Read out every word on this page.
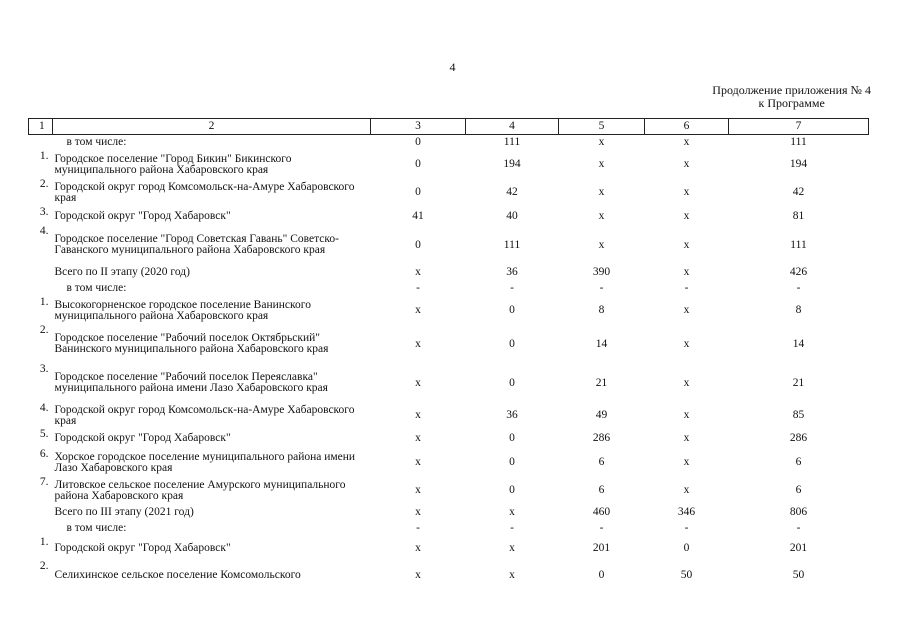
4
Продолжение приложения № 4
к Программе
1	2	3	4	5	6	7
	в том числе:	0	111	х	х	111
1.	Городское поселение "Город Бикин" Бикинского муниципального района Хабаровского края	0	194	х	х	194
2.	Городской округ город Комсомольск-на-Амуре Хабаровского края	0	42	х	х	42
3.	Городской округ "Город Хабаровск"	41	40	х	х	81
4.	Городское поселение "Город Советская Гавань" Советско-Гаванского муниципального района Хабаровского края	0	111	х	х	111
	Всего по II этапу (2020 год)	х	36	390	х	426
	в том числе:	-	-	-	-	-
1.	Высокогорненское городское поселение Ванинского муниципального района Хабаровского края	х	0	8	х	8
2.	Городское поселение "Рабочий поселок Октябрьский" Ванинского муниципального района Хабаровского края	х	0	14	х	14
3.	Городское поселение "Рабочий поселок Переяславка" муниципального района имени Лазо Хабаровского края	х	0	21	х	21
4.	Городской округ город Комсомольск-на-Амуре Хабаровского края	х	36	49	х	85
5.	Городской округ "Город Хабаровск"	х	0	286	х	286
6.	Хорское городское поселение муниципального района имени Лазо Хабаровского края	х	0	6	х	6
7.	Литовское сельское поселение Амурского муниципального района Хабаровского края	х	0	6	х	6
	Всего по III этапу (2021 год)	х	х	460	346	806
	в том числе:	-	-	-	-	-
1.	Городской округ "Город Хабаровск"	х	х	201	0	201
2.	Селихинское сельское поселение Комсомольского	х	х	0	50	50
